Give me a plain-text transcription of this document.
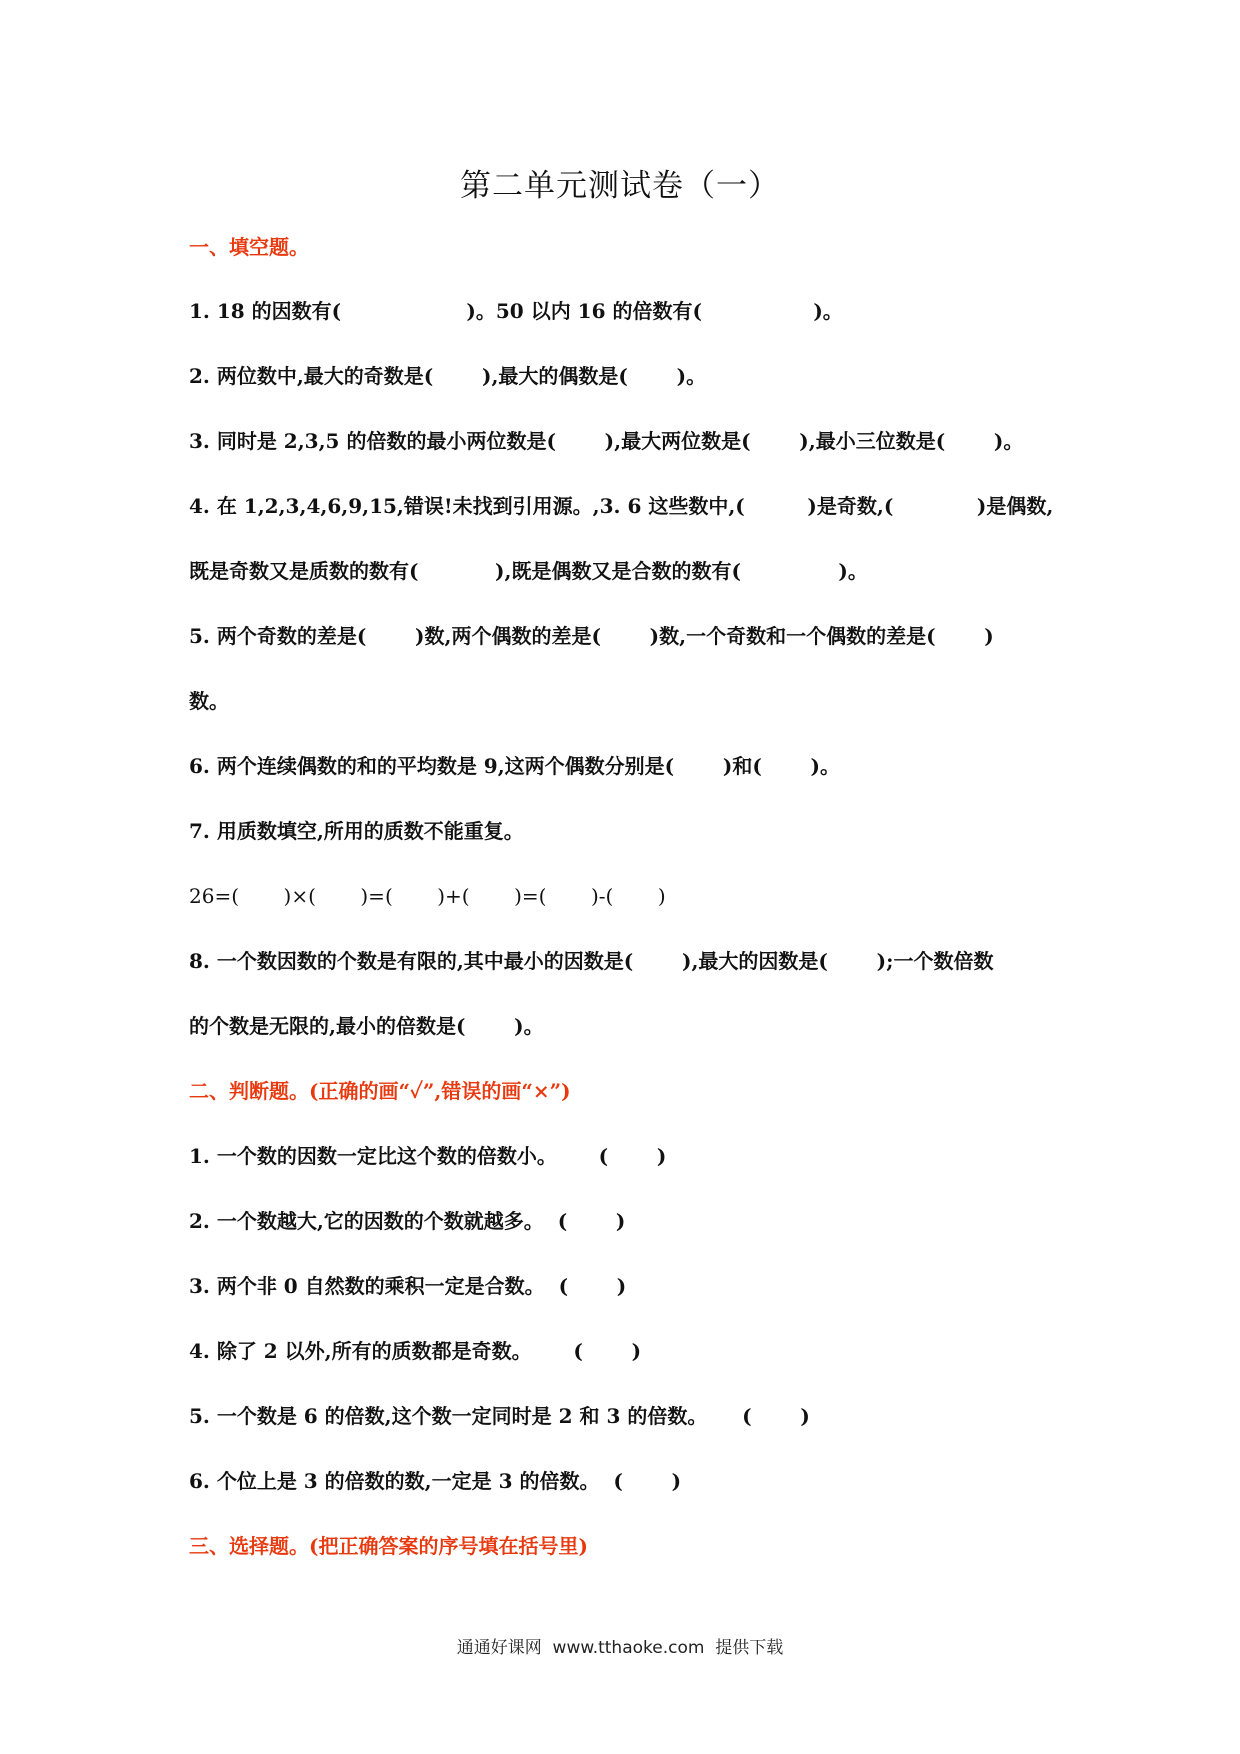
第二单元测试卷（一）
一、填空题。
1. 18 的因数有(                  )。50 以内 16 的倍数有(                )。
2. 两位数中,最大的奇数是(       ),最大的偶数是(       )。
3. 同时是 2,3,5 的倍数的最小两位数是(       ),最大两位数是(       ),最小三位数是(       )。
4. 在 1,2,3,4,6,9,15,错误!未找到引用源。,3. 6 这些数中,(         )是奇数,(            )是偶数,
既是奇数又是质数的数有(           ),既是偶数又是合数的数有(              )。
5. 两个奇数的差是(       )数,两个偶数的差是(       )数,一个奇数和一个偶数的差是(       )
数。
6. 两个连续偶数的和的平均数是 9,这两个偶数分别是(       )和(       )。
7. 用质数填空,所用的质数不能重复。
26=(       )×(       )=(       )+(       )=(       )-(       )
8. 一个数因数的个数是有限的,其中最小的因数是(       ),最大的因数是(       );一个数倍数
的个数是无限的,最小的倍数是(       )。
二、判断题。(正确的画“✓”,错误的画“×”)
1. 一个数的因数一定比这个数的倍数小。      (       )
2. 一个数越大,它的因数的个数就越多。  (       )
3. 两个非 0 自然数的乘积一定是合数。  (       )
4. 除了 2 以外,所有的质数都是奇数。      (       )
5. 一个数是 6 的倍数,这个数一定同时是 2 和 3 的倍数。     (       )
6. 个位上是 3 的倍数的数,一定是 3 的倍数。  (       )
三、选择题。(把正确答案的序号填在括号里)
通通好课网  www.tthaoke.com  提供下载
